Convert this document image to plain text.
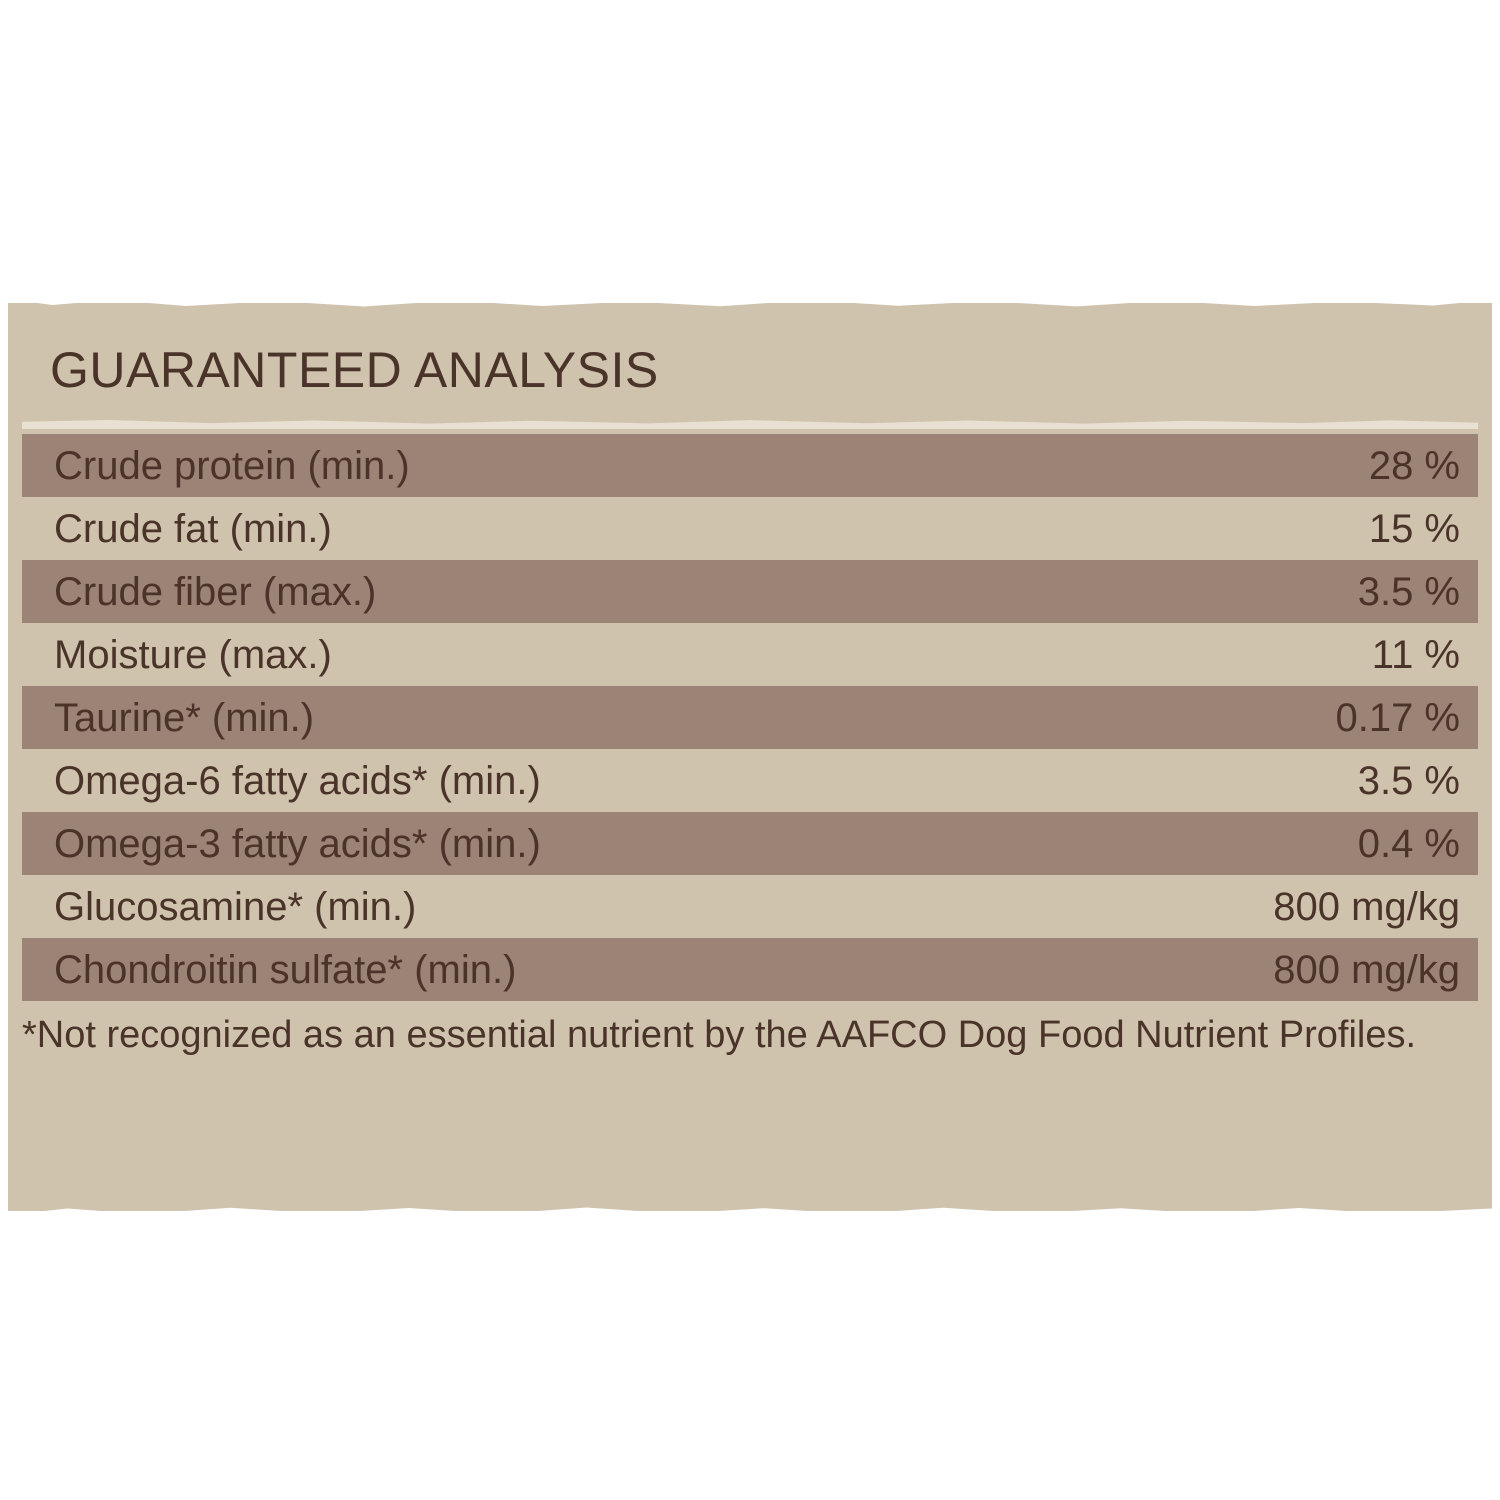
GUARANTEED ANALYSIS
Crude protein (min.)	28 %
Crude fat (min.)	15 %
Crude fiber (max.)	3.5 %
Moisture (max.)	11 %
Taurine* (min.)	0.17 %
Omega-6 fatty acids* (min.)	3.5 %
Omega-3 fatty acids* (min.)	0.4 %
Glucosamine* (min.)	800 mg/kg
Chondroitin sulfate* (min.)	800 mg/kg
*Not recognized as an essential nutrient by the AAFCO Dog Food Nutrient Profiles.
